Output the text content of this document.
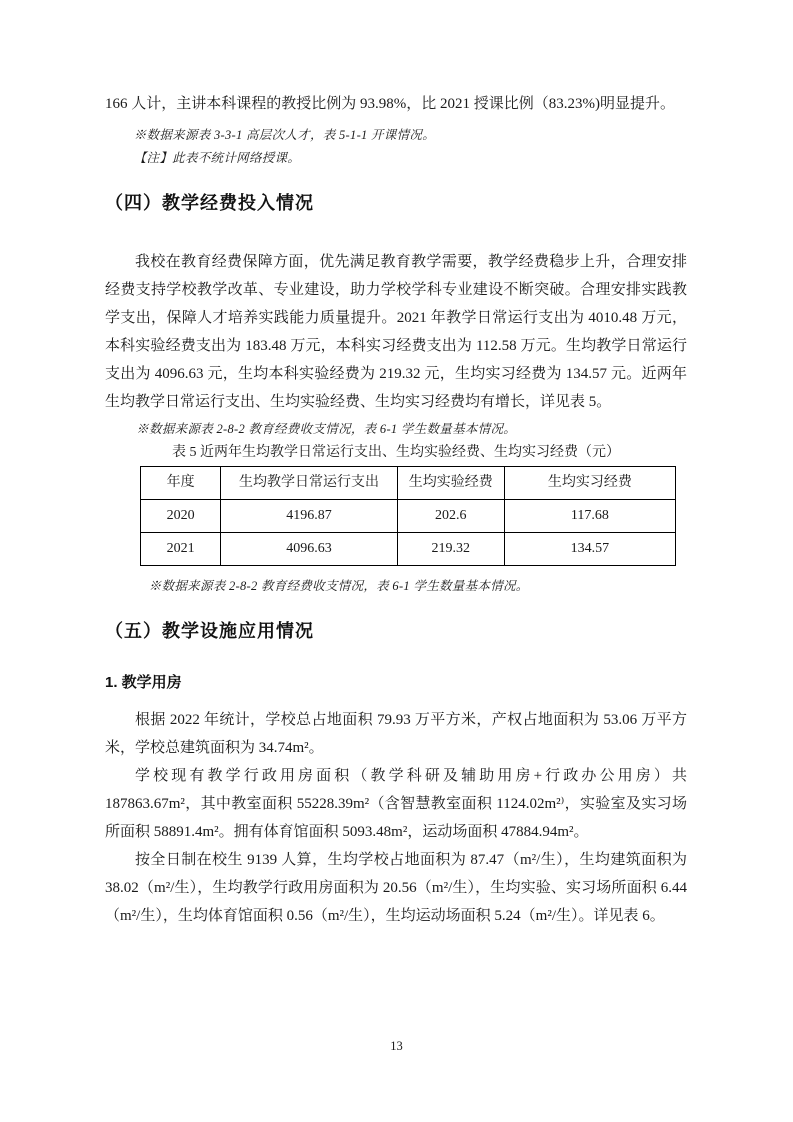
166 人计，主讲本科课程的教授比例为 93.98%，比 2021 授课比例（83.23%)明显提升。

※数据来源表 3-3-1 高层次人才，表 5-1-1 开课情况。

【注】此表不统计网络授课。

（四）教学经费投入情况

我校在教育经费保障方面，优先满足教育教学需要，教学经费稳步上升，合理安排经费支持学校教学改革、专业建设，助力学校学科专业建设不断突破。合理安排实践教学支出，保障人才培养实践能力质量提升。2021 年教学日常运行支出为 4010.48 万元，本科实验经费支出为 183.48 万元，本科实习经费支出为 112.58 万元。生均教学日常运行支出为 4096.63 元，生均本科实验经费为 219.32 元，生均实习经费为 134.57 元。近两年生均教学日常运行支出、生均实验经费、生均实习经费均有增长，详见表 5。

※数据来源表 2-8-2 教育经费收支情况，表 6-1 学生数量基本情况。

表 5 近两年生均教学日常运行支出、生均实验经费、生均实习经费（元）

年度	生均教学日常运行支出	生均实验经费	生均实习经费
2020	4196.87	202.6	117.68
2021	4096.63	219.32	134.57

※数据来源表 2-8-2 教育经费收支情况，表 6-1 学生数量基本情况。

（五）教学设施应用情况
1. 教学用房

根据 2022 年统计，学校总占地面积 79.93 万平方米，产权占地面积为 53.06 万平方米，学校总建筑面积为 34.74m²。

学校现有教学行政用房面积（教学科研及辅助用房+行政办公用房）共 187863.67m²，其中教室面积 55228.39m²（含智慧教室面积 1124.02m²⁾，实验室及实习场所面积 58891.4m²。拥有体育馆面积 5093.48m²，运动场面积 47884.94m²。

按全日制在校生 9139 人算，生均学校占地面积为 87.47（m²/生），生均建筑面积为 38.02（m²/生），生均教学行政用房面积为 20.56（m²/生），生均实验、实习场所面积 6.44（m²/生），生均体育馆面积 0.56（m²/生），生均运动场面积 5.24（m²/生）。详见表 6。

13
